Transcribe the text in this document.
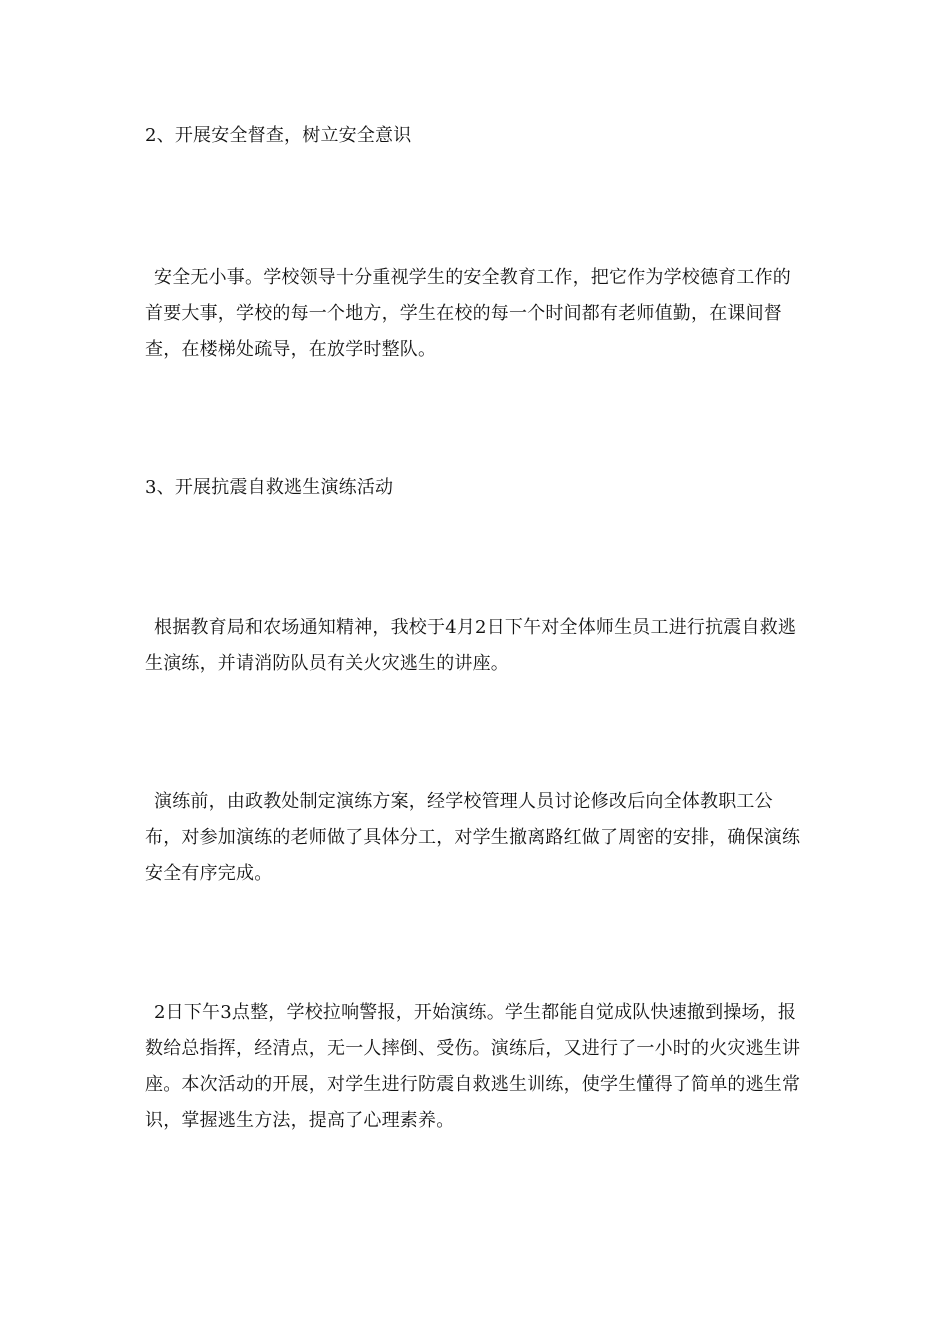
2、开展安全督查，树立安全意识

安全无小事。学校领导十分重视学生的安全教育工作，把它作为学校德育工作的首要大事，学校的每一个地方，学生在校的每一个时间都有老师值勤，在课间督查，在楼梯处疏导，在放学时整队。

3、开展抗震自救逃生演练活动

根据教育局和农场通知精神，我校于4月2日下午对全体师生员工进行抗震自救逃生演练，并请消防队员有关火灾逃生的讲座。

演练前，由政教处制定演练方案，经学校管理人员讨论修改后向全体教职工公布，对参加演练的老师做了具体分工，对学生撤离路红做了周密的安排，确保演练安全有序完成。

2日下午3点整，学校拉响警报，开始演练。学生都能自觉成队快速撤到操场，报数给总指挥，经清点，无一人摔倒、受伤。演练后，又进行了一小时的火灾逃生讲座。本次活动的开展，对学生进行防震自救逃生训练，使学生懂得了简单的逃生常识，掌握逃生方法，提高了心理素养。
